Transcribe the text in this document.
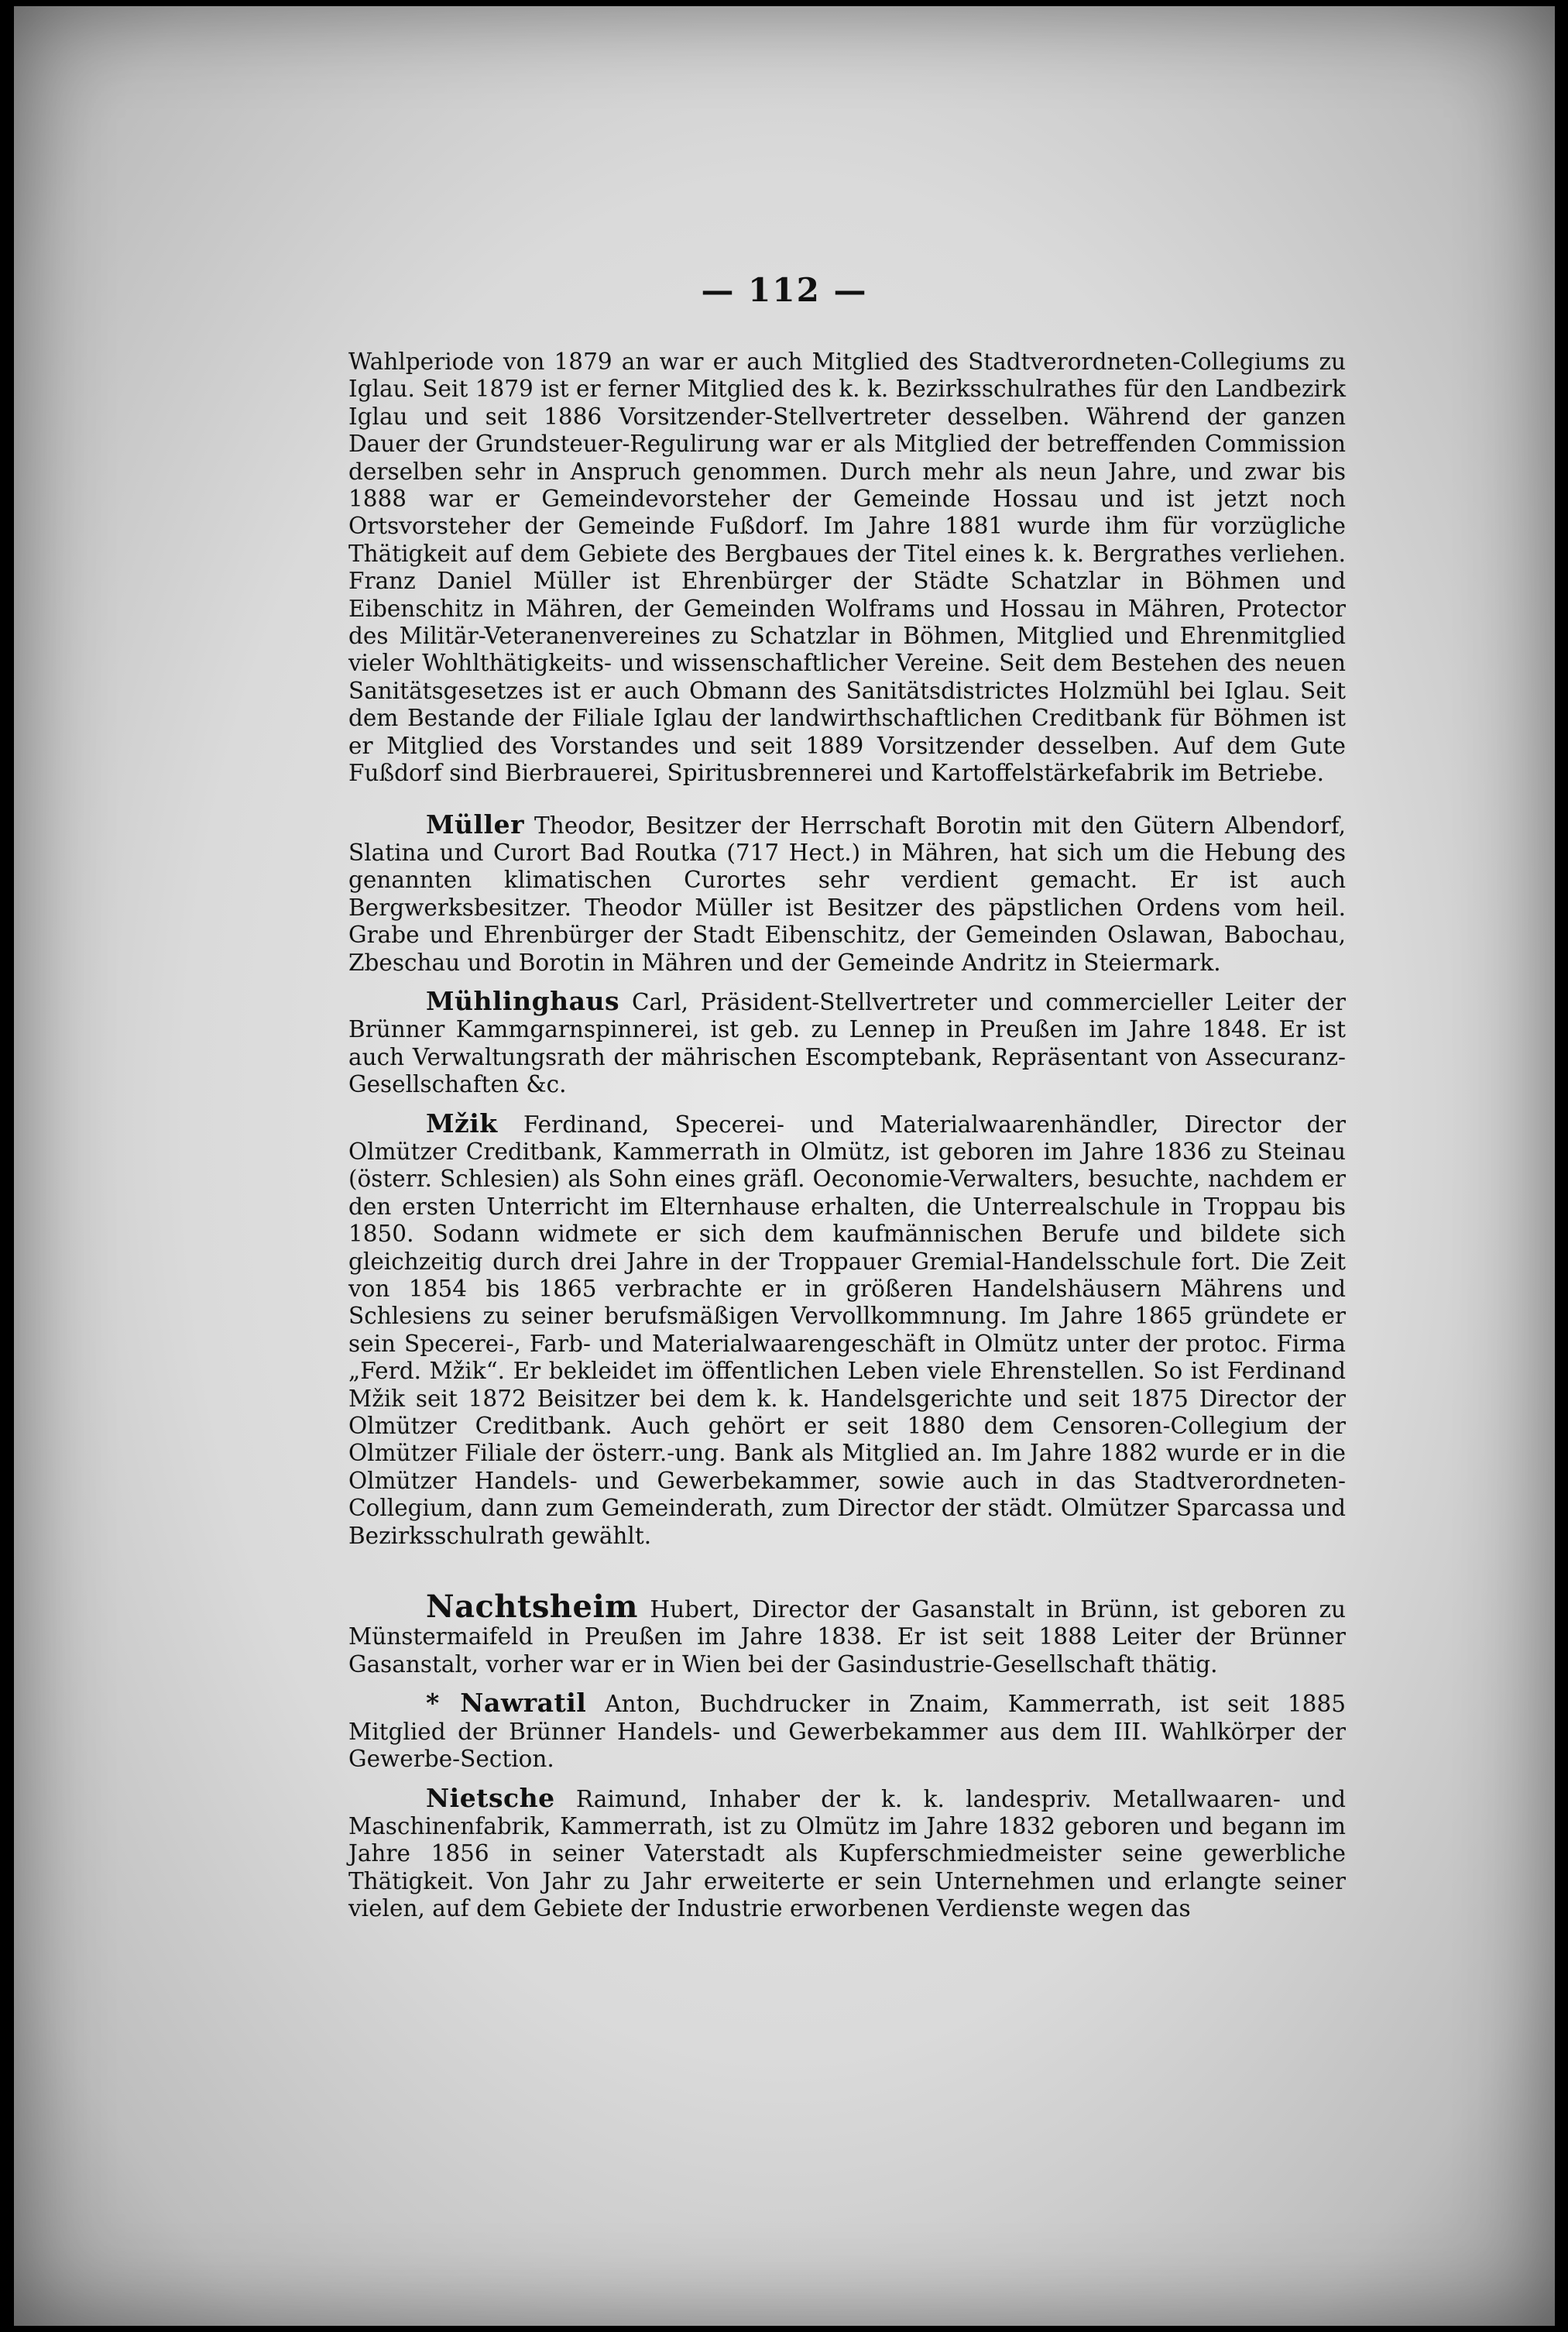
— 112 —

Wahlperiode von 1879 an war er auch Mitglied des Stadtverordneten-Collegiums zu Iglau. Seit 1879 ist er ferner Mitglied des k. k. Bezirksschulrathes für den Landbezirk Iglau und seit 1886 Vorsitzender-Stellvertreter desselben. Während der ganzen Dauer der Grundsteuer-Regulirung war er als Mitglied der betreffenden Commission derselben sehr in Anspruch genommen. Durch mehr als neun Jahre, und zwar bis 1888 war er Gemeindevorsteher der Gemeinde Hossau und ist jetzt noch Ortsvorsteher der Gemeinde Fußdorf. Im Jahre 1881 wurde ihm für vorzügliche Thätigkeit auf dem Gebiete des Bergbaues der Titel eines k. k. Bergrathes verliehen. Franz Daniel Müller ist Ehrenbürger der Städte Schatzlar in Böhmen und Eibenschitz in Mähren, der Gemeinden Wolframs und Hossau in Mähren, Protector des Militär-Veteranenvereines zu Schatzlar in Böhmen, Mitglied und Ehrenmitglied vieler Wohlthätigkeits- und wissenschaftlicher Vereine. Seit dem Bestehen des neuen Sanitätsgesetzes ist er auch Obmann des Sanitätsdistrictes Holzmühl bei Iglau. Seit dem Bestande der Filiale Iglau der landwirthschaftlichen Creditbank für Böhmen ist er Mitglied des Vorstandes und seit 1889 Vorsitzender desselben. Auf dem Gute Fußdorf sind Bierbrauerei, Spiritusbrennerei und Kartoffelstärkefabrik im Betriebe.

Müller Theodor, Besitzer der Herrschaft Borotin mit den Gütern Albendorf, Slatina und Curort Bad Routka (717 Hect.) in Mähren, hat sich um die Hebung des genannten klimatischen Curortes sehr verdient gemacht. Er ist auch Bergwerksbesitzer. Theodor Müller ist Besitzer des päpstlichen Ordens vom heil. Grabe und Ehrenbürger der Stadt Eibenschitz, der Gemeinden Oslawan, Babochau, Zbeschau und Borotin in Mähren und der Gemeinde Andritz in Steiermark.

Mühlinghaus Carl, Präsident-Stellvertreter und commercieller Leiter der Brünner Kammgarnspinnerei, ist geb. zu Lennep in Preußen im Jahre 1848. Er ist auch Verwaltungsrath der mährischen Escomptebank, Repräsentant von Assecuranz-Gesellschaften &c.

Mžik Ferdinand, Specerei- und Materialwaarenhändler, Director der Olmützer Creditbank, Kammerrath in Olmütz, ist geboren im Jahre 1836 zu Steinau (österr. Schlesien) als Sohn eines gräfl. Oeconomie-Verwalters, besuchte, nachdem er den ersten Unterricht im Elternhause erhalten, die Unterrealschule in Troppau bis 1850. Sodann widmete er sich dem kaufmännischen Berufe und bildete sich gleichzeitig durch drei Jahre in der Troppauer Gremial-Handelsschule fort. Die Zeit von 1854 bis 1865 verbrachte er in größeren Handelshäusern Mährens und Schlesiens zu seiner berufsmäßigen Vervollkommnung. Im Jahre 1865 gründete er sein Specerei-, Farb- und Materialwaarengeschäft in Olmütz unter der protoc. Firma „Ferd. Mžik“. Er bekleidet im öffentlichen Leben viele Ehrenstellen. So ist Ferdinand Mžik seit 1872 Beisitzer bei dem k. k. Handelsgerichte und seit 1875 Director der Olmützer Creditbank. Auch gehört er seit 1880 dem Censoren-Collegium der Olmützer Filiale der österr.-ung. Bank als Mitglied an. Im Jahre 1882 wurde er in die Olmützer Handels- und Gewerbekammer, sowie auch in das Stadtverordneten-Collegium, dann zum Gemeinderath, zum Director der städt. Olmützer Sparcassa und Bezirksschulrath gewählt.

Nachtsheim Hubert, Director der Gasanstalt in Brünn, ist geboren zu Münstermaifeld in Preußen im Jahre 1838. Er ist seit 1888 Leiter der Brünner Gasanstalt, vorher war er in Wien bei der Gasindustrie-Gesellschaft thätig.

* Nawratil Anton, Buchdrucker in Znaim, Kammerrath, ist seit 1885 Mitglied der Brünner Handels- und Gewerbekammer aus dem III. Wahlkörper der Gewerbe-Section.

Nietsche Raimund, Inhaber der k. k. landespriv. Metallwaaren- und Maschinenfabrik, Kammerrath, ist zu Olmütz im Jahre 1832 geboren und begann im Jahre 1856 in seiner Vaterstadt als Kupferschmiedmeister seine gewerbliche Thätigkeit. Von Jahr zu Jahr erweiterte er sein Unternehmen und erlangte seiner vielen, auf dem Gebiete der Industrie erworbenen Verdienste wegen das
